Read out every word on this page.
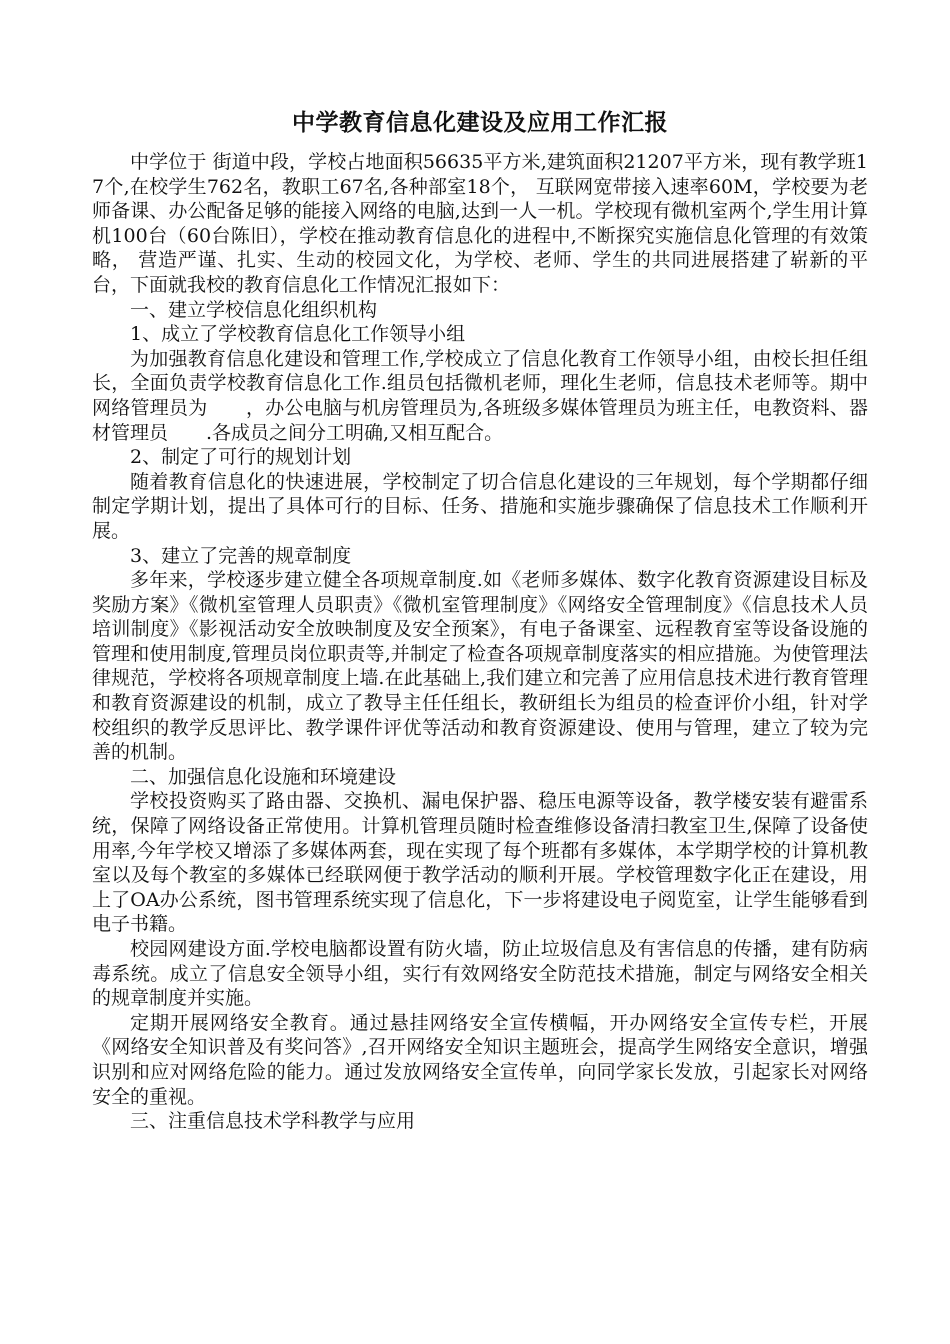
中学教育信息化建设及应用工作汇报

中学位于 街道中段，学校占地面积56635平方米,建筑面积21207平方米，现有教学班17个,在校学生762名，教职工67名,各种部室18个， 互联网宽带接入速率60M，学校要为老师备课、办公配备足够的能接入网络的电脑,达到一人一机。学校现有微机室两个,学生用计算机100台（60台陈旧），学校在推动教育信息化的进程中,不断探究实施信息化管理的有效策略， 营造严谨、扎实、生动的校园文化，为学校、老师、学生的共同进展搭建了崭新的平台，下面就我校的教育信息化工作情况汇报如下：

一、建立学校信息化组织机构

1、成立了学校教育信息化工作领导小组

为加强教育信息化建设和管理工作,学校成立了信息化教育工作领导小组，由校长担任组长，全面负责学校教育信息化工作.组员包括微机老师，理化生老师，信息技术老师等。期中网络管理员为　　，办公电脑与机房管理员为,各班级多媒体管理员为班主任，电教资料、器材管理员　　.各成员之间分工明确,又相互配合。

2、制定了可行的规划计划

随着教育信息化的快速进展，学校制定了切合信息化建设的三年规划，每个学期都仔细制定学期计划，提出了具体可行的目标、任务、措施和实施步骤确保了信息技术工作顺利开展。

3、建立了完善的规章制度

多年来，学校逐步建立健全各项规章制度.如《老师多媒体、数字化教育资源建设目标及奖励方案》《微机室管理人员职责》《微机室管理制度》《网络安全管理制度》《信息技术人员培训制度》《影视活动安全放映制度及安全预案》，有电子备课室、远程教育室等设备设施的管理和使用制度,管理员岗位职责等,并制定了检查各项规章制度落实的相应措施。为使管理法律规范，学校将各项规章制度上墙.在此基础上,我们建立和完善了应用信息技术进行教育管理和教育资源建设的机制，成立了教导主任任组长，教研组长为组员的检查评价小组，针对学校组织的教学反思评比、教学课件评优等活动和教育资源建设、使用与管理，建立了较为完善的机制。

二、加强信息化设施和环境建设

学校投资购买了路由器、交换机、漏电保护器、稳压电源等设备，教学楼安装有避雷系统，保障了网络设备正常使用。计算机管理员随时检查维修设备清扫教室卫生,保障了设备使用率,今年学校又增添了多媒体两套，现在实现了每个班都有多媒体，本学期学校的计算机教室以及每个教室的多媒体已经联网便于教学活动的顺利开展。学校管理数字化正在建设，用上了OA办公系统，图书管理系统实现了信息化，下一步将建设电子阅览室，让学生能够看到电子书籍。

校园网建设方面.学校电脑都设置有防火墙，防止垃圾信息及有害信息的传播，建有防病毒系统。成立了信息安全领导小组，实行有效网络安全防范技术措施，制定与网络安全相关的规章制度并实施。

定期开展网络安全教育。通过悬挂网络安全宣传横幅，开办网络安全宣传专栏，开展《网络安全知识普及有奖问答》,召开网络安全知识主题班会，提高学生网络安全意识，增强识别和应对网络危险的能力。通过发放网络安全宣传单，向同学家长发放，引起家长对网络安全的重视。

三、注重信息技术学科教学与应用
